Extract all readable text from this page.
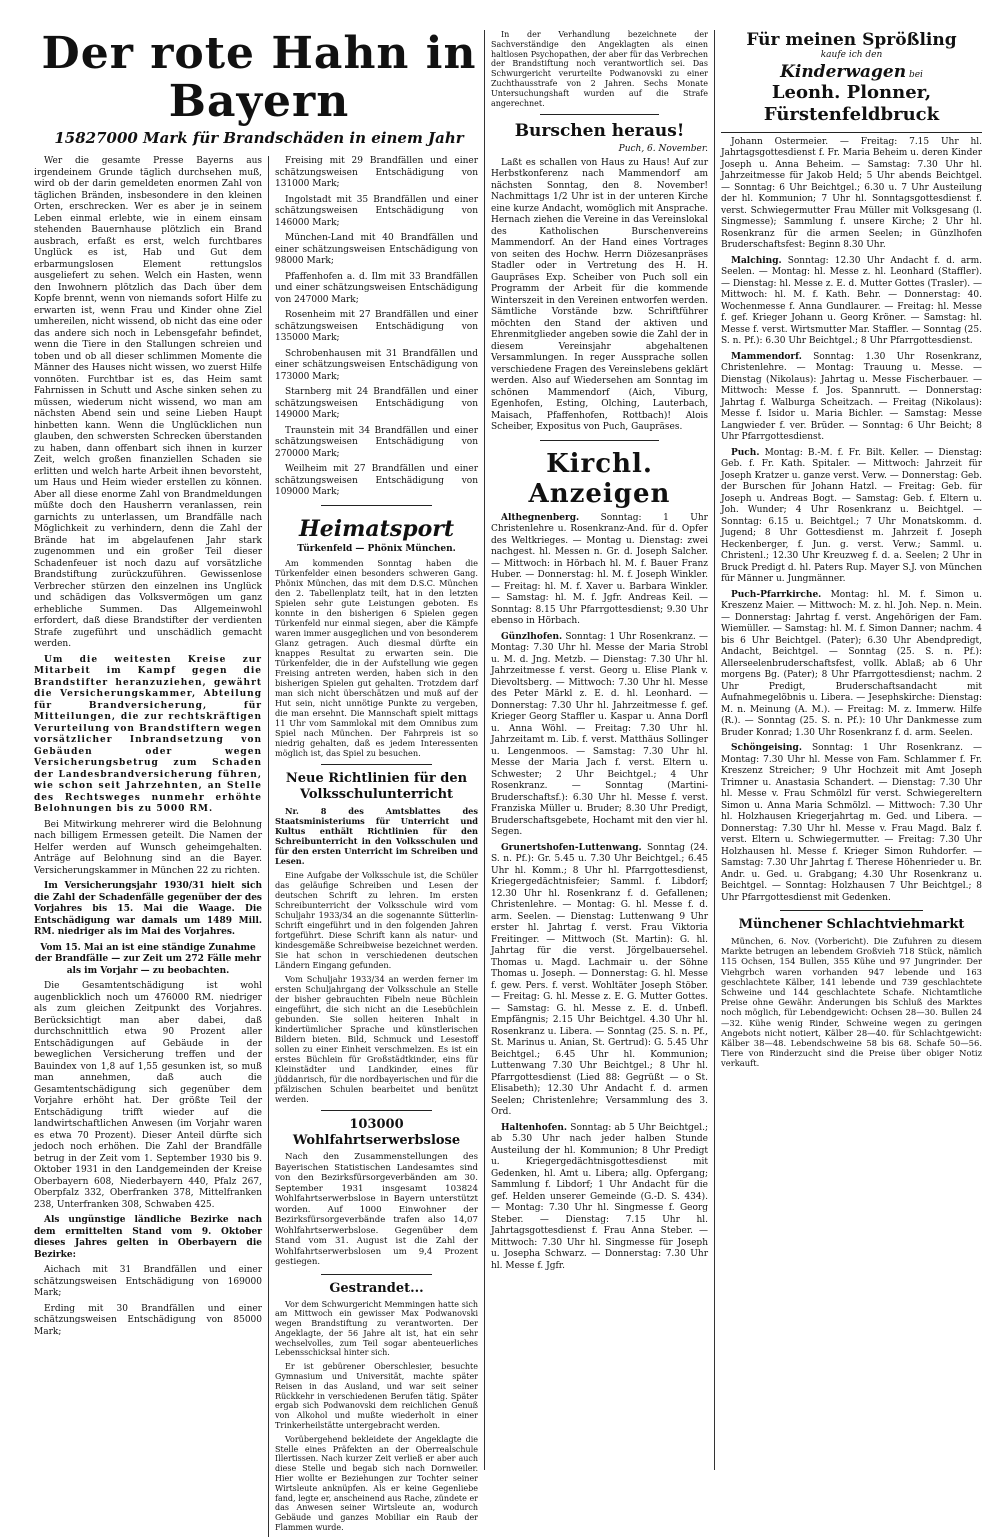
Der rote Hahn in Bayern
15827000 Mark für Brandschäden in einem Jahr

Wer die gesamte Presse Bayerns aus irgendeinem Grunde täglich durchsehen muß, wird ob der darin gemeldeten enormen Zahl von täglichen Bränden, insbesondere in den kleinen Orten, erschrecken. Wer es aber je in seinem Leben einmal erlebte, wie in einem einsam stehenden Bauernhause plötzlich ein Brand ausbrach, erfaßt es erst, welch furchtbares Unglück es ist, Hab und Gut dem erbarmungslosen Element rettungslos ausgeliefert zu sehen. Welch ein Hasten, wenn den Inwohnern plötzlich das Dach über dem Kopfe brennt, wenn von niemands sofort Hilfe zu erwarten ist, wenn Frau und Kinder ohne Ziel umhereilen, nicht wissend, ob nicht das eine oder das andere sich noch in Lebensgefahr befindet, wenn die Tiere in den Stallungen schreien und toben und ob all dieser schlimmen Momente die Männer des Hauses nicht wissen, wo zuerst Hilfe vonnöten. Furchtbar ist es, das Heim samt Fahrnissen in Schutt und Asche sinken sehen zu müssen, wiederum nicht wissend, wo man am nächsten Abend sein und seine Lieben Haupt hinbetten kann. Wenn die Unglücklichen nun glauben, den schwersten Schrecken überstanden zu haben, dann offenbart sich ihnen in kurzer Zeit, welch großen finanziellen Schaden sie erlitten und welch harte Arbeit ihnen bevorsteht, um Haus und Heim wieder erstellen zu können. Aber all diese enorme Zahl von Brandmeldungen müßte doch den Hausherrn veranlassen, rein garnichts zu unterlassen, um Brandfälle nach Möglichkeit zu verhindern, denn die Zahl der Brände hat im abgelaufenen Jahr stark zugenommen und ein großer Teil dieser Schadenfeuer ist noch dazu auf vorsätzliche Brandstiftung zurückzuführen. Gewissenlose Verbrecher stürzen den einzelnen ins Unglück und schädigen das Volksvermögen um ganz erhebliche Summen. Das Allgemeinwohl erfordert, daß diese Brandstifter der verdienten Strafe zugeführt und unschädlich gemacht werden.

Um die weitesten Kreise zur Mitarbeit im Kampf gegen die Brandstifter heranzuziehen, gewährt die Versicherungskammer, Abteilung für Brandversicherung, für Mitteilungen, die zur rechtskräftigen Verurteilung von Brandstiftern wegen vorsätzlicher Inbrandsetzung von Gebäuden oder wegen Versicherungsbetrug zum Schaden der Landesbrandversicherung führen, wie schon seit Jahrzehnten, an Stelle des Rechtsweges nunmehr erhöhte Belohnungen bis zu 5000 RM.

Bei Mitwirkung mehrerer wird die Belohnung nach billigem Ermessen geteilt. Die Namen der Helfer werden auf Wunsch geheimgehalten. Anträge auf Belohnung sind an die Bayer. Versicherungskammer in München 22 zu richten.

Im Versicherungsjahr 1930/31 hielt sich die Zahl der Schadenfälle gegenüber der des Vorjahres bis 15. Mai die Waage. Die Entschädigung war damals um 1489 Mill. RM. niedriger als im Mai des Vorjahres.

Vom 15. Mai an ist eine ständige Zunahme der Brandfälle — zur Zeit um 272 Fälle mehr als im Vorjahr — zu beobachten.

Die Gesamtentschädigung ist wohl augenblicklich noch um 476000 RM. niedriger als zum gleichen Zeitpunkt des Vorjahres. Berücksichtigt man aber dabei, daß durchschnittlich etwa 90 Prozent aller Entschädigungen auf Gebäude in der beweglichen Versicherung treffen und der Bauindex von 1,8 auf 1,55 gesunken ist, so muß man annehmen, daß auch die Gesamtentschädigung sich gegenüber dem Vorjahre erhöht hat. Der größte Teil der Entschädigung trifft wieder auf die landwirtschaftlichen Anwesen (im Vorjahr waren es etwa 70 Prozent). Dieser Anteil dürfte sich jedoch noch erhöhen. Die Zahl der Brandfälle betrug in der Zeit vom 1. September 1930 bis 9. Oktober 1931 in den Landgemeinden der Kreise Oberbayern 608, Niederbayern 440, Pfalz 267, Oberpfalz 332, Oberfranken 378, Mittelfranken 238, Unterfranken 308, Schwaben 425.

Als ungünstige ländliche Bezirke nach dem ermittelten Stand vom 9. Oktober dieses Jahres gelten in Oberbayern die Bezirke:

Aichach mit 31 Brandfällen und einer schätzungsweisen Entschädigung von 169000 Mark;

Erding mit 30 Brandfällen und einer schätzungsweisen Entschädigung von 85000 Mark;

Freising mit 29 Brandfällen und einer schätzungsweisen Entschädigung von 131000 Mark;

Ingolstadt mit 35 Brandfällen und einer schätzungsweisen Entschädigung von 146000 Mark;

München-Land mit 40 Brandfällen und einer schätzungsweisen Entschädigung von 98000 Mark;

Pfaffenhofen a. d. Ilm mit 33 Brandfällen und einer schätzungsweisen Entschädigung von 247000 Mark;

Rosenheim mit 27 Brandfällen und einer schätzungsweisen Entschädigung von 135000 Mark;

Schrobenhausen mit 31 Brandfällen und einer schätzungsweisen Entschädigung von 173000 Mark;

Starnberg mit 24 Brandfällen und einer schätzungsweisen Entschädigung von 149000 Mark;

Traunstein mit 34 Brandfällen und einer schätzungsweisen Entschädigung von 270000 Mark;

Weilheim mit 27 Brandfällen und einer schätzungsweisen Entschädigung von 109000 Mark;

Heimatsport
Türkenfeld — Phönix München.

Am kommenden Sonntag haben die Türkenfelder einen besonders schweren Gang. Phönix München, das mit dem D.S.C. München den 2. Tabellenplatz teilt, hat in den letzten Spielen sehr gute Leistungen geboten. Es konnte in den bisherigen 6 Spielen gegen Türkenfeld nur einmal siegen, aber die Kämpfe waren immer ausgeglichen und von besonderem Glanz getragen. Auch diesmal dürfte ein knappes Resultat zu erwarten sein. Die Türkenfelder, die in der Aufstellung wie gegen Freising antreten werden, haben sich in den bisherigen Spielen gut gehalten. Trotzdem darf man sich nicht überschätzen und muß auf der Hut sein, nicht unnötige Punkte zu vergeben, die man ersehnt. Die Mannschaft spielt mittags 11 Uhr vom Sammlokal mit dem Omnibus zum Spiel nach München. Der Fahrpreis ist so niedrig gehalten, daß es jedem Interessenten möglich ist, das Spiel zu besuchen.

Neue Richtlinien für den Volksschulunterricht

Nr. 8 des Amtsblattes des Staatsministeriums für Unterricht und Kultus enthält Richtlinien für den Schreibunterricht in den Volksschulen und für den ersten Unterricht im Schreiben und Lesen.

Eine Aufgabe der Volksschule ist, die Schüler das geläufige Schreiben und Lesen der deutschen Schrift zu lehren. Im ersten Schreibunterricht der Volksschule wird vom Schuljahr 1933/34 an die sogenannte Sütterlin-Schrift eingeführt und in den folgenden Jahren fortgeführt. Diese Schrift kann als natur- und kindesgemäße Schreibweise bezeichnet werden. Sie hat schon in verschiedenen deutschen Ländern Eingang gefunden.

Vom Schuljahr 1933/34 an werden ferner im ersten Schuljahrgang der Volksschule an Stelle der bisher gebrauchten Fibeln neue Büchlein eingeführt, die sich nicht an die Lesebüchlein gebunden. Sie sollen heiteren Inhalt in kindertümlicher Sprache und künstlerischen Bildern bieten. Bild, Schmuck und Lesestoff sollen zu einer Einheit verschmelzen. Es ist ein erstes Büchlein für Großstädtkinder, eins für Kleinstädter und Landkinder, eines für jüddanrisch, für die nordbayerischen und für die pfälzischen Schulen bearbeitet und benützt werden.

103000 Wohlfahrtserwerbslose

Nach den Zusammenstellungen des Bayerischen Statistischen Landesamtes sind von den Bezirksfürsorgeverbänden am 30. September 1931 insgesamt 103824 Wohlfahrtserwerbslose in Bayern unterstützt worden. Auf 1000 Einwohner der Bezirksfürsorgeverbände trafen also 14,07 Wohlfahrtserwerbslose. Gegenüber dem Stand vom 31. August ist die Zahl der Wohlfahrtserwerbslosen um 9,4 Prozent gestiegen.

Gestrandet...

Vor dem Schwurgericht Memmingen hatte sich am Mittwoch ein gewisser Max Podwanovski wegen Brandstiftung zu verantworten. Der Angeklagte, der 56 Jahre alt ist, hat ein sehr wechselvolles, zum Teil sogar abenteuerliches Lebensschicksal hinter sich.

Er ist gebürener Oberschlesier, besuchte Gymnasium und Universität, machte später Reisen in das Ausland, und war seit seiner Rückkehr in verschiedenen Berufen tätig. Später ergab sich Podwanovski dem reichlichen Genuß von Alkohol und mußte wiederholt in einer Trinkerheilstätte untergebracht werden.

Vorübergehend bekleidete der Angeklagte die Stelle eines Präfekten an der Oberrealschule Illertissen. Nach kurzer Zeit verließ er aber auch diese Stelle und begab sich nach Dornweiler. Hier wollte er Beziehungen zur Tochter seiner Wirtsleute anknüpfen. Als er keine Gegenliebe fand, legte er, anscheinend aus Rache, zündete er das Anwesen seiner Wirtsleute an, wodurch Gebäude und ganzes Mobiliar ein Raub der Flammen wurde.

In der Verhandlung bezeichnete der Sachverständige den Angeklagten als einen haltlosen Psychopathen, der aber für das Verbrechen der Brandstiftung noch verantwortlich sei. Das Schwurgericht verurteilte Podwanovski zu einer Zuchthausstrafe von 2 Jahren. Sechs Monate Untersuchungshaft wurden auf die Strafe angerechnet.

Burschen heraus!
Puch, 6. November.

Laßt es schallen von Haus zu Haus! Auf zur Herbstkonferenz nach Mammendorf am nächsten Sonntag, den 8. November! Nachmittags 1/2 Uhr ist in der unteren Kirche eine kurze Andacht, womöglich mit Ansprache. Hernach ziehen die Vereine in das Vereinslokal des Katholischen Burschenvereins Mammendorf. An der Hand eines Vortrages von seiten des Hochw. Herrn Diözesanpräses Stadler oder in Vertretung des H. H. Gaupräses Exp. Scheiber von Puch soll ein Programm der Arbeit für die kommende Winterszeit in den Vereinen entworfen werden. Sämtliche Vorstände bzw. Schriftführer möchten den Stand der aktiven und Ehrenmitglieder angeben sowie die Zahl der in diesem Vereinsjahr abgehaltenen Versammlungen. In reger Aussprache sollen verschiedene Fragen des Vereinslebens geklärt werden. Also auf Wiedersehen am Sonntag im schönen Mammendorf (Aich, Viburg, Egenhofen, Esting, Olching, Lauterbach, Maisach, Pfaffenhofen, Rottbach)! Alois Scheiber, Expositus von Puch, Gaupräses.

Kirchl. Anzeigen

Althegnenberg. Sonntag: 1 Uhr Christenlehre u. Rosenkranz-And. für d. Opfer des Weltkrieges. — Montag u. Dienstag: zwei nachgest. hl. Messen n. Gr. d. Joseph Salcher. — Mittwoch: in Hörbach hl. M. f. Bauer Franz Huber. — Donnerstag: hl. M. f. Joseph Winkler. — Freitag: hl. M. f. Xaver u. Barbara Winkler. — Samstag: hl. M. f. Jgfr. Andreas Keil. — Sonntag: 8.15 Uhr Pfarrgottesdienst; 9.30 Uhr ebenso in Hörbach.

Günzlhofen. Sonntag: 1 Uhr Rosenkranz. — Montag: 7.30 Uhr hl. Messe der Maria Strobl u. M. d. Jng. Metzb. — Dienstag: 7.30 Uhr hl. Jahrzeitmesse f. verst. Georg u. Elise Plank v. Dievoltsberg. — Mittwoch: 7.30 Uhr hl. Messe des Peter Märkl z. E. d. hl. Leonhard. — Donnerstag: 7.30 Uhr hl. Jahrzeitmesse f. gef. Krieger Georg Staffler u. Kaspar u. Anna Dorfl u. Anna Wöhl. — Freitag: 7.30 Uhr hl. Jahrzeitamt m. Lib. f. verst. Matthäus Sollinger u. Lengenmoos. — Samstag: 7.30 Uhr hl. Messe der Maria Jach f. verst. Eltern u. Schwester; 2 Uhr Beichtgel.; 4 Uhr Rosenkranz. — Sonntag (Martini-Bruderschaftsf.): 6.30 Uhr hl. Messe f. verst. Franziska Müller u. Bruder; 8.30 Uhr Predigt, Bruderschaftsgebete, Hochamt mit den vier hl. Segen.

Grunertshofen-Luttenwang. Sonntag (24. S. n. Pf.): Gr. 5.45 u. 7.30 Uhr Beichtgel.; 6.45 Uhr hl. Komm.; 8 Uhr hl. Pfarrgottesdienst, Kriegergedächtnisfeier; Samml. f. Libdorf; 12.30 Uhr hl. Rosenkranz f. d. Gefallenen; Christenlehre. — Montag: G. hl. Messe f. d. arm. Seelen. — Dienstag: Luttenwang 9 Uhr erster hl. Jahrtag f. verst. Frau Viktoria Freitinger. — Mittwoch (St. Martin): G. hl. Jahrtag für die verst. Jörgelbauersehel. Thomas u. Magd. Lachmair u. der Söhne Thomas u. Joseph. — Donnerstag: G. hl. Messe f. gew. Pers. f. verst. Wohltäter Joseph Stöber. — Freitag: G. hl. Messe z. E. G. Mutter Gottes. — Samstag: G. hl. Messe z. E. d. Unbefl. Empfängnis; 2.15 Uhr Beichtgel. 4.30 Uhr hl. Rosenkranz u. Libera. — Sonntag (25. S. n. Pf., St. Marinus u. Anian, St. Gertrud): G. 5.45 Uhr Beichtgel.; 6.45 Uhr hl. Kommunion; Luttenwang 7.30 Uhr Beichtgel.; 8 Uhr hl. Pfarrgottesdienst (Lied 88: Gegrüßt — o St. Elisabeth); 12.30 Uhr Andacht f. d. armen Seelen; Christenlehre; Versammlung des 3. Ord.

Haltenhofen. Sonntag: ab 5 Uhr Beichtgel.; ab 5.30 Uhr nach jeder halben Stunde Austeilung der hl. Kommunion; 8 Uhr Predigt u. Kriegergedächtnisgottesdienst mit Gedenken, hl. Amt u. Libera; allg. Opfergang; Sammlung f. Libdorf; 1 Uhr Andacht für die gef. Helden unserer Gemeinde (G.-D. S. 434). — Montag: 7.30 Uhr hl. Singmesse f. Georg Steber. — Dienstag: 7.15 Uhr hl. Jahrtagsgottesdienst f. Frau Anna Steber. — Mittwoch: 7.30 Uhr hl. Singmesse für Joseph u. Josepha Schwarz. — Donnerstag: 7.30 Uhr hl. Messe f. Jgfr.

Für meinen Sprößling
kaufe ich den
Kinderwagen bei
Leonh. Plonner, Fürstenfeldbruck

Johann Ostermeier. — Freitag: 7.15 Uhr hl. Jahrtagsgottesdienst f. Fr. Maria Beheim u. deren Kinder Joseph u. Anna Beheim. — Samstag: 7.30 Uhr hl. Jahrzeitmesse für Jakob Held; 5 Uhr abends Beichtgel. — Sonntag: 6 Uhr Beichtgel.; 6.30 u. 7 Uhr Austeilung der hl. Kommunion; 7 Uhr hl. Sonntagsgottesdienst f. verst. Schwiegermutter Frau Müller mit Volksgesang (l. Singmesse); Sammlung f. unsere Kirche; 2 Uhr hl. Rosenkranz für die armen Seelen; in Günzlhofen Bruderschaftsfest: Beginn 8.30 Uhr.

Malching. Sonntag: 12.30 Uhr Andacht f. d. arm. Seelen. — Montag: hl. Messe z. hl. Leonhard (Staffler). — Dienstag: hl. Messe z. E. d. Mutter Gottes (Trasler). — Mittwoch: hl. M. f. Kath. Behr. — Donnerstag: 40. Wochenmesse f. Anna Gundlaurer. — Freitag: hl. Messe f. gef. Krieger Johann u. Georg Kröner. — Samstag: hl. Messe f. verst. Wirtsmutter Mar. Staffler. — Sonntag (25. S. n. Pf.): 6.30 Uhr Beichtgel.; 8 Uhr Pfarrgottesdienst.

Mammendorf. Sonntag: 1.30 Uhr Rosenkranz, Christenlehre. — Montag: Trauung u. Messe. — Dienstag (Nikolaus): Jahrtag u. Messe Fischerbauer. — Mittwoch: Messe f. Jos. Spannrutt. — Donnerstag: Jahrtag f. Walburga Scheitzach. — Freitag (Nikolaus): Messe f. Isidor u. Maria Bichler. — Samstag: Messe Langwieder f. ver. Brüder. — Sonntag: 6 Uhr Beicht; 8 Uhr Pfarrgottesdienst.

Puch. Montag: B.-M. f. Fr. Bilt. Keller. — Dienstag: Geb. f. Fr. Kath. Spitaler. — Mittwoch: Jahrzeit für Joseph Kratzer u. ganze verst. Verw. — Donnerstag: Geb. der Burschen für Johann Hatzl. — Freitag: Geb. für Joseph u. Andreas Bogt. — Samstag: Geb. f. Eltern u. Joh. Wunder; 4 Uhr Rosenkranz u. Beichtgel. — Sonntag: 6.15 u. Beichtgel.; 7 Uhr Monatskomm. d. Jugend; 8 Uhr Gottesdienst m. Jahrzeit f. Joseph Heckenberger, f. Jun. g. verst. Verw.; Samml. u. Christenl.; 12.30 Uhr Kreuzweg f. d. a. Seelen; 2 Uhr in Bruck Predigt d. hl. Paters Rup. Mayer S.J. von München für Männer u. Jungmänner.

Puch-Pfarrkirche. Montag: hl. M. f. Simon u. Kreszenz Maier. — Mittwoch: M. z. hl. Joh. Nep. n. Mein. — Donnerstag: Jahrtag f. verst. Angehörigen der Fam. Wiemüller. — Samstag: hl. M. f. Simon Danner; nachm. 4 bis 6 Uhr Beichtgel. (Pater); 6.30 Uhr Abendpredigt, Andacht, Beichtgel. — Sonntag (25. S. n. Pf.): Allerseelenbruderschaftsfest, vollk. Ablaß; ab 6 Uhr morgens Bg. (Pater); 8 Uhr Pfarrgottesdienst; nachm. 2 Uhr Predigt, Bruderschaftsandacht mit Aufnahmegelöbnis u. Libera. — Jesephskirche: Dienstag: M. n. Meinung (A. M.). — Freitag: M. z. Immerw. Hilfe (R.). — Sonntag (25. S. n. Pf.): 10 Uhr Dankmesse zum Bruder Konrad; 1.30 Uhr Rosenkranz f. d. arm. Seelen.

Schöngeising. Sonntag: 1 Uhr Rosenkranz. — Montag: 7.30 Uhr hl. Messe von Fam. Schlammer f. Fr. Kreszenz Streicher; 9 Uhr Hochzeit mit Amt Joseph Trimner u. Anastasia Schandert. — Dienstag: 7.30 Uhr hl. Messe v. Frau Schmölzl für verst. Schwiegereltern Simon u. Anna Maria Schmölzl. — Mittwoch: 7.30 Uhr hl. Holzhausen Kriegerjahrtag m. Ged. und Libera. — Donnerstag: 7.30 Uhr hl. Messe v. Frau Magd. Balz f. verst. Eltern u. Schwiegermutter. — Freitag: 7.30 Uhr Holzhausen hl. Messe f. Krieger Simon Ruhdorfer. — Samstag: 7.30 Uhr Jahrtag f. Therese Höhenrieder u. Br. Andr. u. Ged. u. Grabgang; 4.30 Uhr Rosenkranz u. Beichtgel. — Sonntag: Holzhausen 7 Uhr Beichtgel.; 8 Uhr Pfarrgottesdienst mit Gedenken.

Münchener Schlachtviehmarkt

München, 6. Nov. (Vorbericht). Die Zufuhren zu diesem Markte betrugen an lebendem Großvieh 718 Stück, nämlich 115 Ochsen, 154 Bullen, 355 Kühe und 97 Jungrinder. Der Viehgrbch waren vorhanden 947 lebende und 163 geschlachtete Kälber, 141 lebende und 739 geschlachtete Schweine und 144 geschlachtete Schafe. Nichtamtliche Preise ohne Gewähr. Änderungen bis Schluß des Marktes noch möglich, für Lebendgewicht: Ochsen 28—30. Bullen 24—32. Kühe wenig Rinder, Schweine wegen zu geringen Angebots nicht notiert, Kälber 28—40. für Schlachtgewicht: Kälber 38—48. Lebendschweine 58 bis 68. Schafe 50—56. Tiere von Rinderzucht sind die Preise über obiger Notiz verkauft.
